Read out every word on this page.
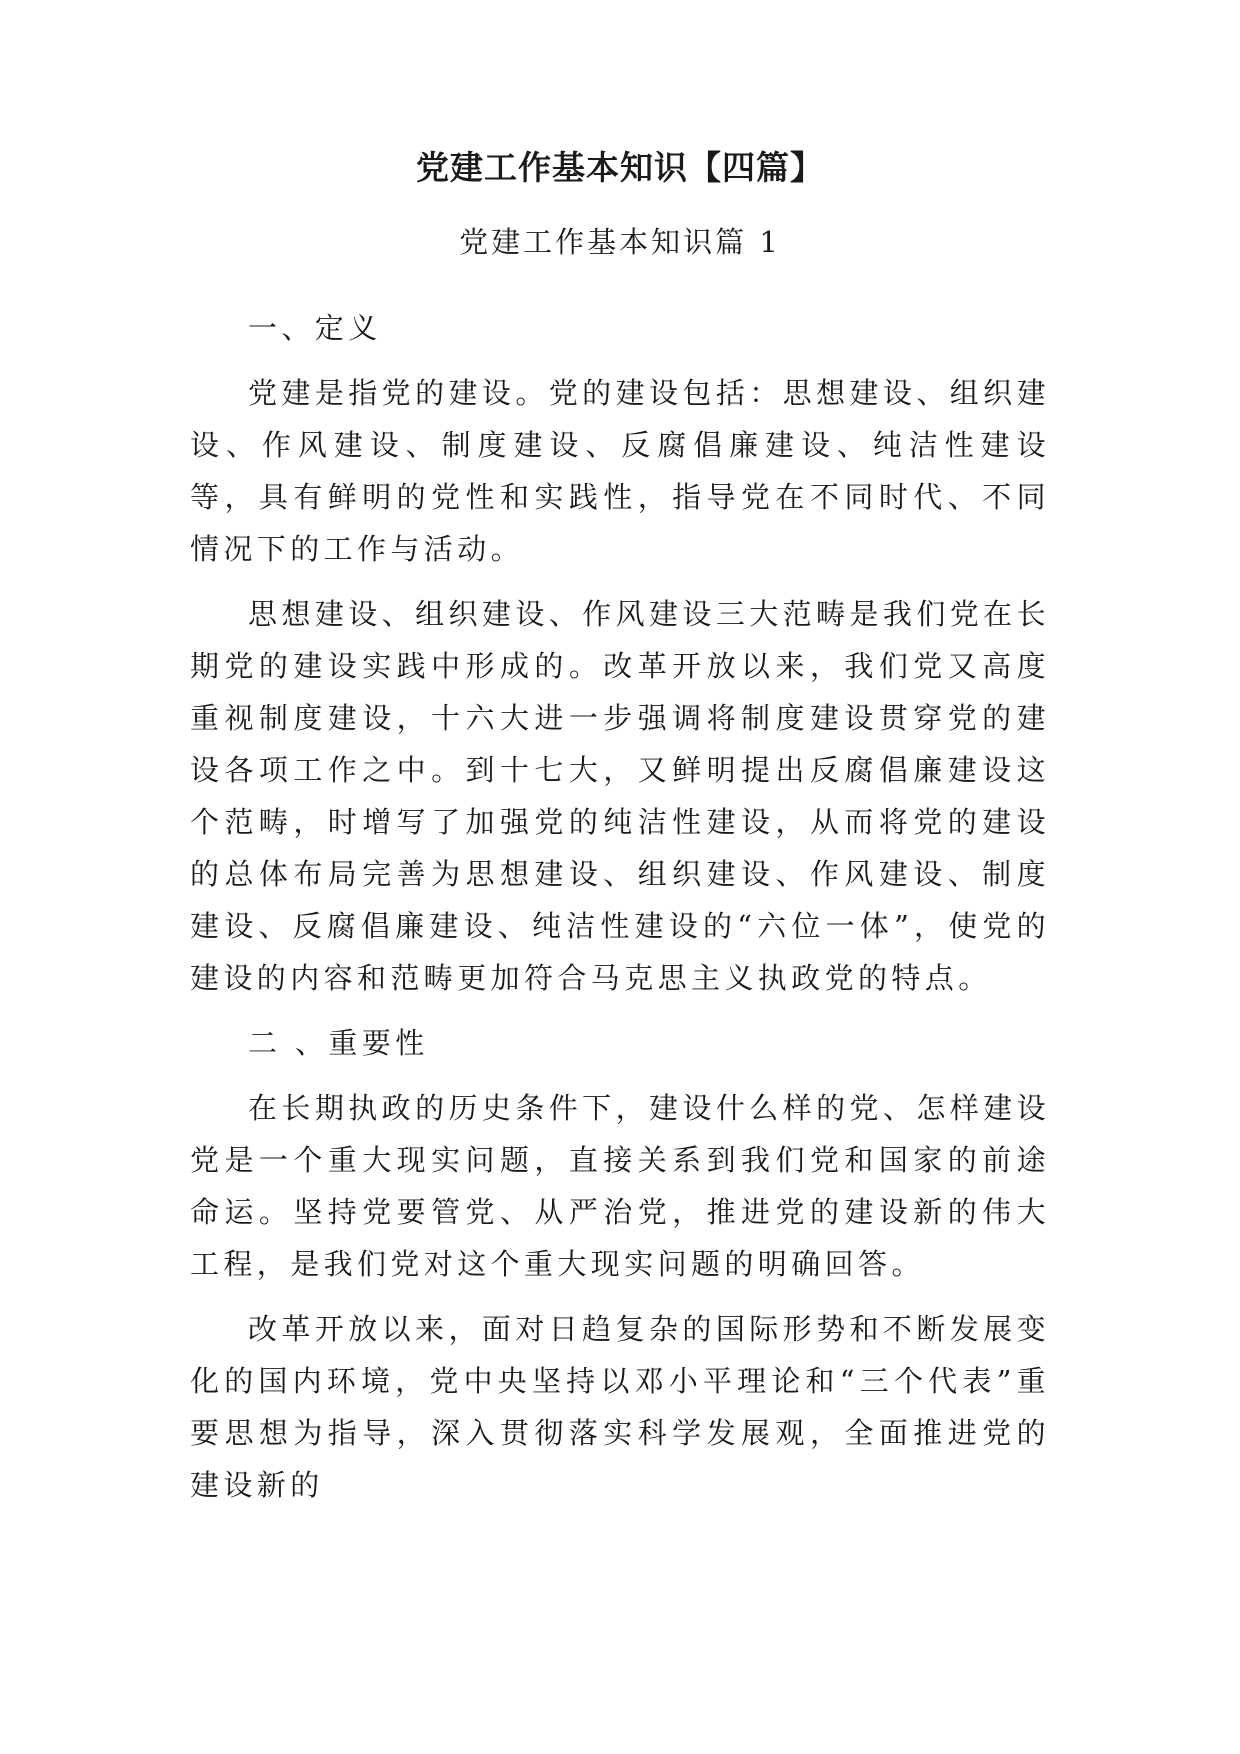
党建工作基本知识【四篇】
党建工作基本知识篇 1

一、定义

党建是指党的建设。党的建设包括：思想建设、组织建设、作风建设、制度建设、反腐倡廉建设、纯洁性建设等，具有鲜明的党性和实践性，指导党在不同时代、不同情况下的工作与活动。

思想建设、组织建设、作风建设三大范畴是我们党在长期党的建设实践中形成的。改革开放以来，我们党又高度重视制度建设，十六大进一步强调将制度建设贯穿党的建设各项工作之中。到十七大，又鲜明提出反腐倡廉建设这个范畴，时增写了加强党的纯洁性建设，从而将党的建设的总体布局完善为思想建设、组织建设、作风建设、制度建设、反腐倡廉建设、纯洁性建设的“六位一体”，使党的建设的内容和范畴更加符合马克思主义执政党的特点。

二 、重要性

在长期执政的历史条件下，建设什么样的党、怎样建设党是一个重大现实问题，直接关系到我们党和国家的前途命运。坚持党要管党、从严治党，推进党的建设新的伟大工程，是我们党对这个重大现实问题的明确回答。

改革开放以来，面对日趋复杂的国际形势和不断发展变化的国内环境，党中央坚持以邓小平理论和“三个代表”重要思想为指导，深入贯彻落实科学发展观，全面推进党的建设新的
